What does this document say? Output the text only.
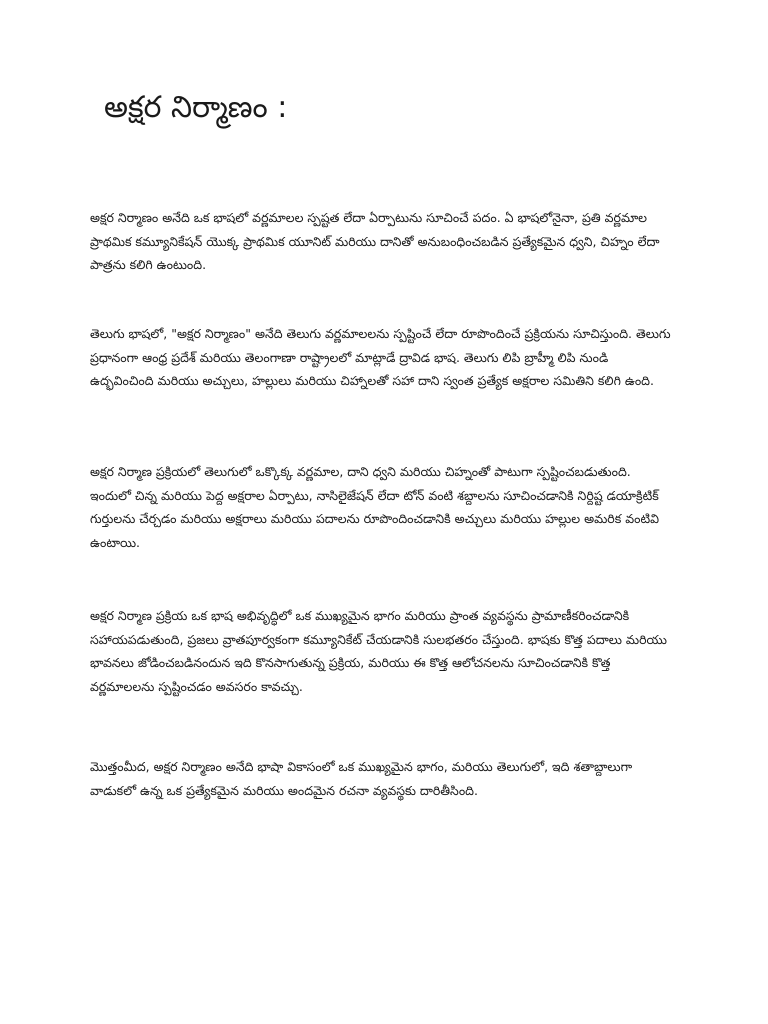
అక్షర నిర్మాణం :

అక్షర నిర్మాణం అనేది ఒక భాషలో వర్ణమాలల స్పష్టత లేదా ఏర్పాటును సూచించే పదం. ఏ భాషలోనైనా, ప్రతి వర్ణమాల ప్రాథమిక కమ్యూనికేషన్ యొక్క ప్రాథమిక యూనిట్ మరియు దానితో అనుబంధించబడిన ప్రత్యేకమైన ధ్వని, చిహ్నం లేదా పాత్రను కలిగి ఉంటుంది.

తెలుగు భాషలో, "అక్షర నిర్మాణం" అనేది తెలుగు వర్ణమాలలను స్పష్టించే లేదా రూపొందించే ప్రక్రియను సూచిస్తుంది. తెలుగు ప్రధానంగా ఆంధ్ర ప్రదేశ్ మరియు తెలంగాణా రాష్ట్రాలలో మాట్లాడే ద్రావిడ భాష. తెలుగు లిపి బ్రాహ్మీ లిపి నుండి ఉద్భవించింది మరియు అచ్చులు, హల్లులు మరియు చిహ్నాలతో సహా దాని స్వంత ప్రత్యేక అక్షరాల సమితిని కలిగి ఉంది.

అక్షర నిర్మాణ ప్రక్రియలో తెలుగులో ఒక్కొక్క వర్ణమాల, దాని ధ్వని మరియు చిహ్నంతో పాటుగా స్పష్టించబడుతుంది. ఇందులో చిన్న మరియు పెద్ద అక్షరాల ఏర్పాటు, నాసిలైజేషన్ లేదా టోన్ వంటి శబ్దాలను సూచించడానికి నిర్దిష్ట డయాక్రిటిక్ గుర్తులను చేర్చడం మరియు అక్షరాలు మరియు పదాలను రూపొందించడానికి అచ్చులు మరియు హల్లుల అమరిక వంటివి ఉంటాయి.

అక్షర నిర్మాణ ప్రక్రియ ఒక భాష అభివృద్ధిలో ఒక ముఖ్యమైన భాగం మరియు ప్రాంత వ్యవస్థను ప్రామాణీకరించడానికి సహాయపడుతుంది, ప్రజలు వ్రాతపూర్వకంగా కమ్యూనికేట్ చేయడానికి సులభతరం చేస్తుంది. భాషకు కొత్త పదాలు మరియు భావనలు జోడించబడినందున ఇది కొనసాగుతున్న ప్రక్రియ, మరియు ఈ కొత్త ఆలోచనలను సూచించడానికి కొత్త వర్ణమాలలను స్పష్టించడం అవసరం కావచ్చు.

మొత్తంమీద, అక్షర నిర్మాణం అనేది భాషా వికాసంలో ఒక ముఖ్యమైన భాగం, మరియు తెలుగులో, ఇది శతాబ్దాలుగా వాడుకలో ఉన్న ఒక ప్రత్యేకమైన మరియు అందమైన రచనా వ్యవస్థకు దారితీసింది.
